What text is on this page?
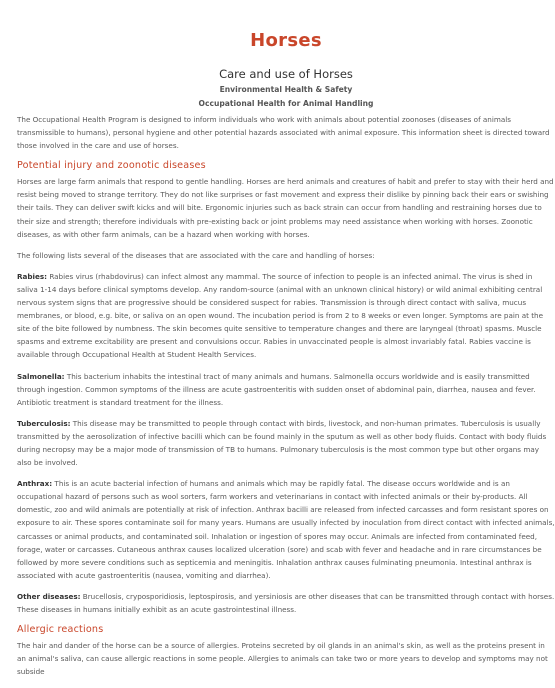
Horses
Care and use of Horses
Environmental Health & Safety
Occupational Health for Animal Handling

The Occupational Health Program is designed to inform individuals who work with animals about potential zoonoses (diseases of animals transmissible to humans), personal hygiene and other potential hazards associated with animal exposure. This information sheet is directed toward those involved in the care and use of horses.

Potential injury and zoonotic diseases

Horses are large farm animals that respond to gentle handling. Horses are herd animals and creatures of habit and prefer to stay with their herd and resist being moved to strange territory. They do not like surprises or fast movement and express their dislike by pinning back their ears or swishing their tails. They can deliver swift kicks and will bite. Ergonomic injuries such as back strain can occur from handling and restraining horses due to their size and strength; therefore individuals with pre-existing back or joint problems may need assistance when working with horses. Zoonotic diseases, as with other farm animals, can be a hazard when working with horses.

The following lists several of the diseases that are associated with the care and handling of horses:

Rabies: Rabies virus (rhabdovirus) can infect almost any mammal. The source of infection to people is an infected animal. The virus is shed in saliva 1-14 days before clinical symptoms develop. Any random-source (animal with an unknown clinical history) or wild animal exhibiting central nervous system signs that are progressive should be considered suspect for rabies. Transmission is through direct contact with saliva, mucus membranes, or blood, e.g. bite, or saliva on an open wound. The incubation period is from 2 to 8 weeks or even longer. Symptoms are pain at the site of the bite followed by numbness. The skin becomes quite sensitive to temperature changes and there are laryngeal (throat) spasms. Muscle spasms and extreme excitability are present and convulsions occur. Rabies in unvaccinated people is almost invariably fatal. Rabies vaccine is available through Occupational Health at Student Health Services.

Salmonella: This bacterium inhabits the intestinal tract of many animals and humans. Salmonella occurs worldwide and is easily transmitted through ingestion. Common symptoms of the illness are acute gastroenteritis with sudden onset of abdominal pain, diarrhea, nausea and fever. Antibiotic treatment is standard treatment for the illness.

Tuberculosis: This disease may be transmitted to people through contact with birds, livestock, and non-human primates. Tuberculosis is usually transmitted by the aerosolization of infective bacilli which can be found mainly in the sputum as well as other body fluids. Contact with body fluids during necropsy may be a major mode of transmission of TB to humans. Pulmonary tuberculosis is the most common type but other organs may also be involved.

Anthrax: This is an acute bacterial infection of humans and animals which may be rapidly fatal. The disease occurs worldwide and is an occupational hazard of persons such as wool sorters, farm workers and veterinarians in contact with infected animals or their by-products. All domestic, zoo and wild animals are potentially at risk of infection. Anthrax bacilli are released from infected carcasses and form resistant spores on exposure to air. These spores contaminate soil for many years. Humans are usually infected by inoculation from direct contact with infected animals, carcasses or animal products, and contaminated soil. Inhalation or ingestion of spores may occur. Animals are infected from contaminated feed, forage, water or carcasses. Cutaneous anthrax causes localized ulceration (sore) and scab with fever and headache and in rare circumstances be followed by more severe conditions such as septicemia and meningitis. Inhalation anthrax causes fulminating pneumonia. Intestinal anthrax is associated with acute gastroenteritis (nausea, vomiting and diarrhea).

Other diseases: Brucellosis, cryposporidiosis, leptospirosis, and yersiniosis are other diseases that can be transmitted through contact with horses. These diseases in humans initially exhibit as an acute gastrointestinal illness.

Allergic reactions

The hair and dander of the horse can be a source of allergies. Proteins secreted by oil glands in an animal's skin, as well as the proteins present in an animal's saliva, can cause allergic reactions in some people. Allergies to animals can take two or more years to develop and symptoms may not subside
